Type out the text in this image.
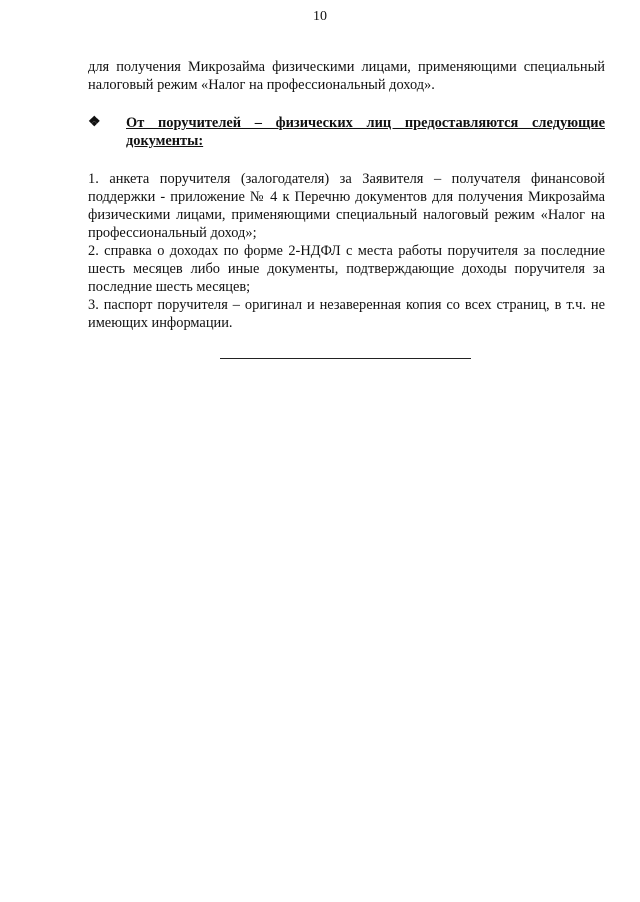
10

для получения Микрозайма физическими лицами, применяющими специальный налоговый режим «Налог на профессиональный доход».

❖ От поручителей – физических лиц предоставляются следующие документы:

1. анкета поручителя (залогодателя) за Заявителя – получателя финансовой поддержки - приложение № 4 к Перечню документов для получения Микрозайма физическими лицами, применяющими специальный налоговый режим «Налог на профессиональный доход»;

2. справка о доходах по форме 2-НДФЛ с места работы поручителя за последние шесть месяцев либо иные документы, подтверждающие доходы поручителя за последние шесть месяцев;

3. паспорт поручителя – оригинал и незаверенная копия со всех страниц, в т.ч. не имеющих информации.
